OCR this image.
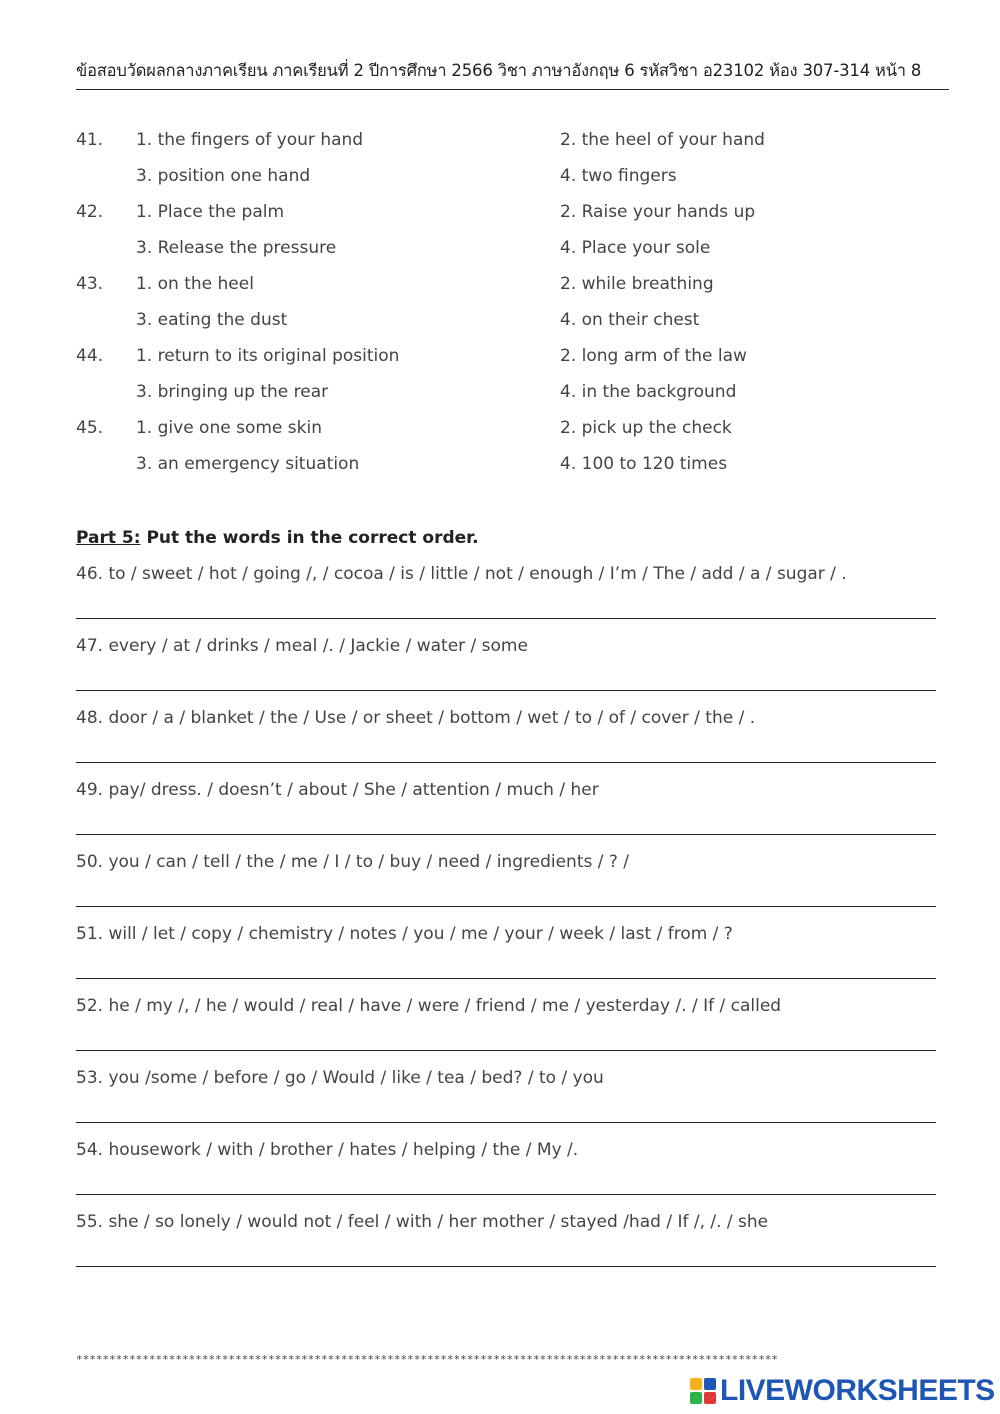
ข้อสอบวัดผลกลางภาคเรียน ภาคเรียนที่ 2 ปีการศึกษา 2566 วิชา ภาษาอังกฤษ 6 รหัสวิชา อ23102 ห้อง 307-314 หน้า 8
41. 1. the fingers of your hand	2. the heel of your hand
3. position one hand	4. two fingers
42. 1. Place the palm	2. Raise your hands up
3. Release the pressure	4. Place your sole
43. 1. on the heel	2. while breathing
3. eating the dust	4. on their chest
44. 1. return to its original position	2. long arm of the law
3. bringing up the rear	4. in the background
45. 1. give one some skin	2. pick up the check
3. an emergency situation	4. 100 to 120 times
Part 5: Put the words in the correct order.
46. to / sweet / hot / going /, / cocoa / is / little / not / enough / I’m / The / add / a / sugar / .
47. every / at / drinks / meal /. / Jackie / water / some
48. door / a / blanket / the / Use / or sheet / bottom / wet / to / of / cover / the / .
49. pay/ dress. / doesn’t / about / She / attention / much / her
50. you / can / tell / the / me / I / to / buy / need / ingredients / ? /
51. will / let / copy / chemistry / notes / you / me / your / week / last / from / ?
52. he / my /, / he / would / real / have / were / friend / me / yesterday /. / If / called
53. you /some / before / go / Would / like / tea / bed? / to / you
54. housework / with / brother / hates / helping / the / My /.
55. she / so lonely / would not / feel / with / her mother / stayed /had / If /, /. / she
**********************************************************************************************************
LIVEWORKSHEETS
